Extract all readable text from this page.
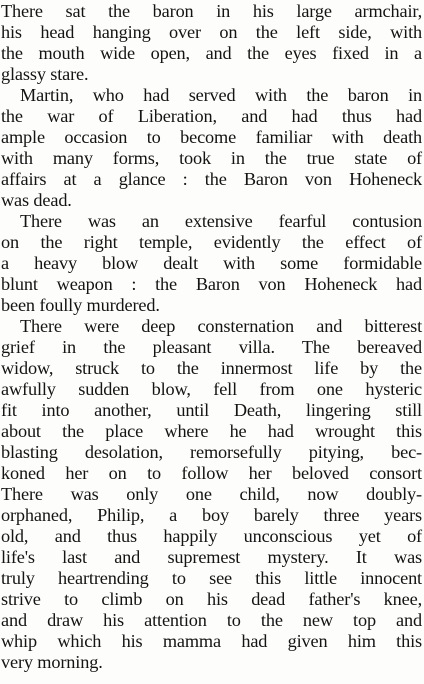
There sat the baron in his large armchair,
his head hanging over on the left side, with
the mouth wide open, and the eyes fixed in a
glassy stare.
Martin, who had served with the baron in
the war of Liberation, and had thus had
ample occasion to become familiar with death
with many forms, took in the true state of
affairs at a glance : the Baron von Hoheneck
was dead.
There was an extensive fearful contusion
on the right temple, evidently the effect of
a heavy blow dealt with some formidable
blunt weapon : the Baron von Hoheneck had
been foully murdered.
There were deep consternation and bitterest
grief in the pleasant villa. The bereaved
widow, struck to the innermost life by the
awfully sudden blow, fell from one hysteric
fit into another, until Death, lingering still
about the place where he had wrought this
blasting desolation, remorsefully pitying, bec-
koned her on to follow her beloved consort
There was only one child, now doubly-
orphaned, Philip, a boy barely three years
old, and thus happily unconscious yet of
life's last and supremest mystery. It was
truly heartrending to see this little innocent
strive to climb on his dead father's knee,
and draw his attention to the new top and
whip which his mamma had given him this
very morning.
